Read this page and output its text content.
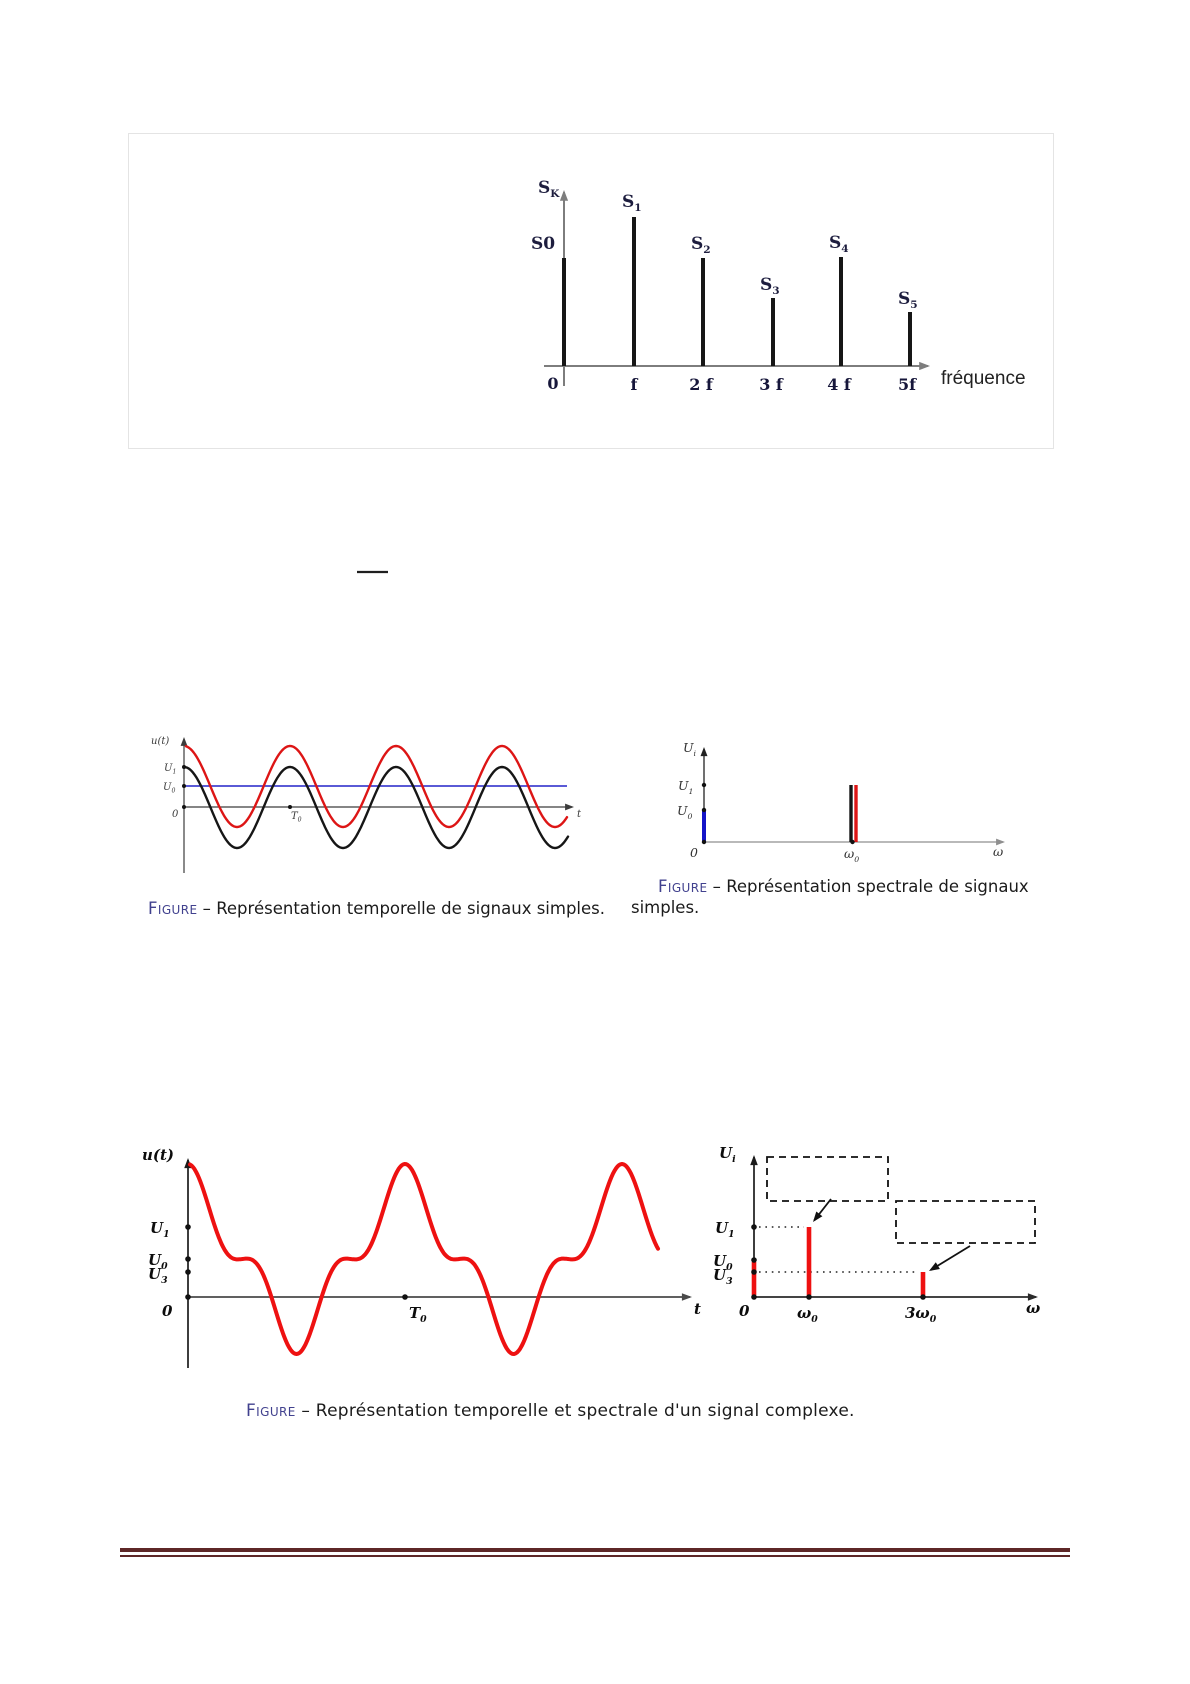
$S_K$
S0
$S_1$
$S_2$
$S_3$
$S_4$
$S_5$
0	f	2 f	3 f	4 f	5f fréquence
u(t)
$U_1$
$U_0$
0	$T_0$	t
$U_i$
$U_1$
$U_0$
0	$\omega_0$
ω
u(t)
$U_1$
$U_0$
$U_3$
0	$T_0$
t
$U_i$
$U_1$
$U_0$
$U_3$
0	$\omega_0$	$3\omega_0$
ω
Figure – Représentation temporelle de signaux simples.
Figure – Représentation spectrale de signaux simples.
Figure – Représentation temporelle et spectrale d'un signal complexe.
